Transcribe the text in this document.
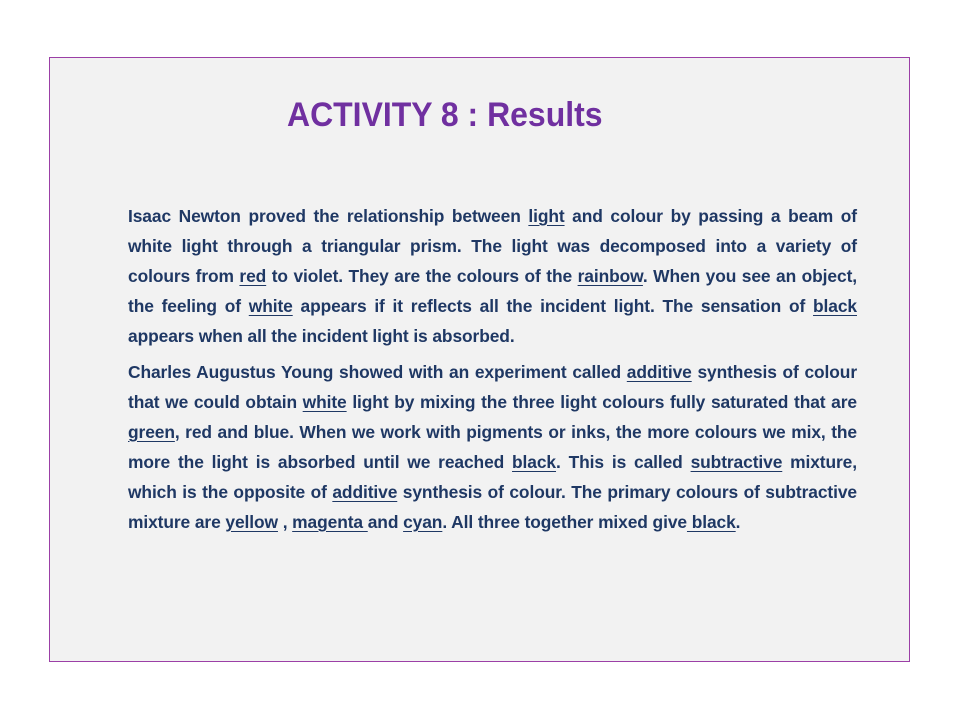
ACTIVITY 8 : Results

Isaac Newton proved the relationship between light and colour by passing a beam of white light through a triangular prism. The light was decomposed into a variety of colours from red to violet. They are the colours of the rainbow. When you see an object, the feeling of white appears if it reflects all the incident light. The sensation of black appears when all the incident light is absorbed.

Charles Augustus Young showed with an experiment called additive synthesis of colour that we could obtain white light by mixing the three light colours fully saturated that are green, red and blue. When we work with pigments or inks, the more colours we mix, the more the light is absorbed until we reached black. This is called subtractive mixture, which is the opposite of additive synthesis of colour. The primary colours of subtractive mixture are yellow , magenta and cyan. All three together mixed give black.
